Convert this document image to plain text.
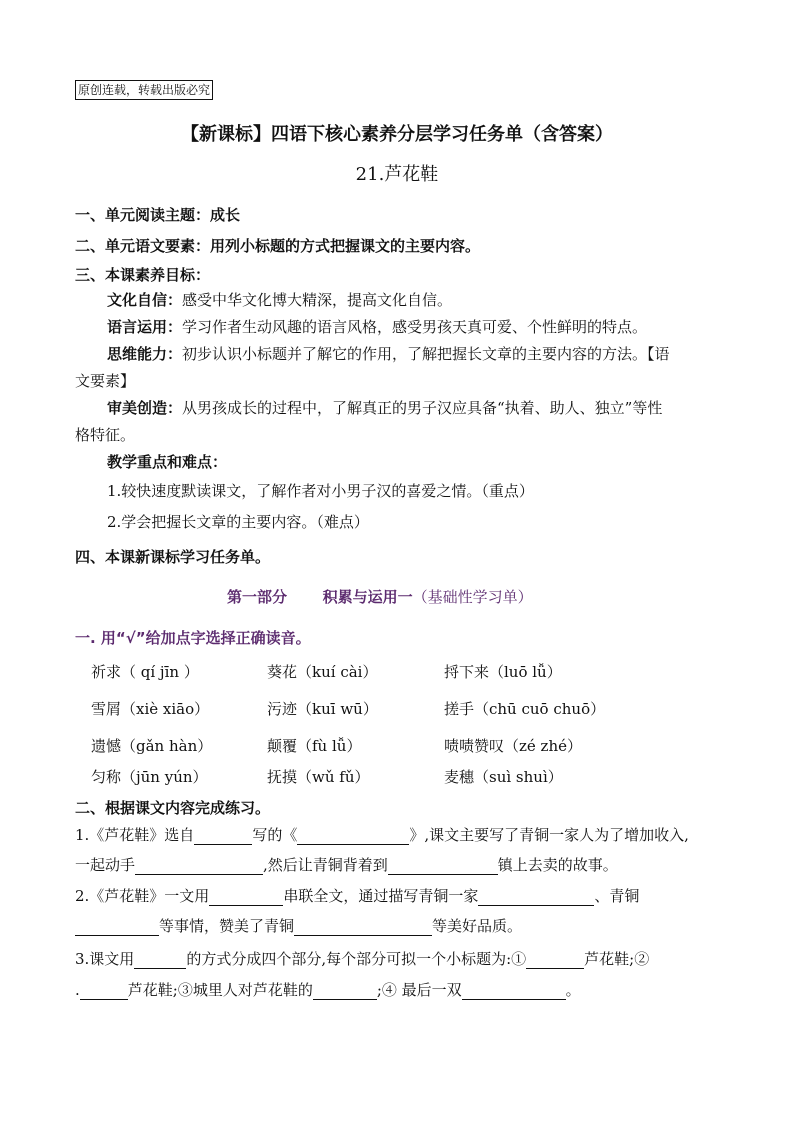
原创连载，转载出版必究
【新课标】四语下核心素养分层学习任务单（含答案）
21.芦花鞋
一、单元阅读主题：成长
二、单元语文要素：用列小标题的方式把握课文的主要内容。
三、本课素养目标：
文化自信：感受中华文化博大精深，提高文化自信。
语言运用：学习作者生动风趣的语言风格，感受男孩天真可爱、个性鲜明的特点。
思维能力：初步认识小标题并了解它的作用，了解把握长文章的主要内容的方法。【语
文要素】
审美创造：从男孩成长的过程中，了解真正的男子汉应具备“执着、助人、独立”等性
格特征。
教学重点和难点：
1.较快速度默读课文，了解作者对小男子汉的喜爱之情。（重点）
2.学会把握长文章的主要内容。（难点）
四、本课新课标学习任务单。
第一部分 积累与运用一（基础性学习单）
一. 用“√”给加点字选择正确读音。
祈求（ qí jīn ）	葵花（kuí cài）	捋下来（luō lǚ）
雪屑（xiè xiāo）	污迹（kuī wū）	搓手（chū cuō chuō）
遗憾（gǎn hàn）	颠覆（fù lǚ）	啧啧赞叹（zé zhé）
匀称（jūn yún）	抚摸（wǔ fǔ）	麦穗（suì shuì）
二、根据课文内容完成练习。
1.《芦花鞋》选自	写的《	》,课文主要写了青铜一家人为了增加收入,
一起动手	,然后让青铜背着到	镇上去卖的故事。
2.《芦花鞋》一文用	串联全文，通过描写青铜一家	、青铜
等事情，赞美了青铜	等美好品质。
3.课文用	的方式分成四个部分,每个部分可拟一个小标题为:①	芦花鞋;②
.	芦花鞋;③城里人对芦花鞋的	;④ 最后一双	。
